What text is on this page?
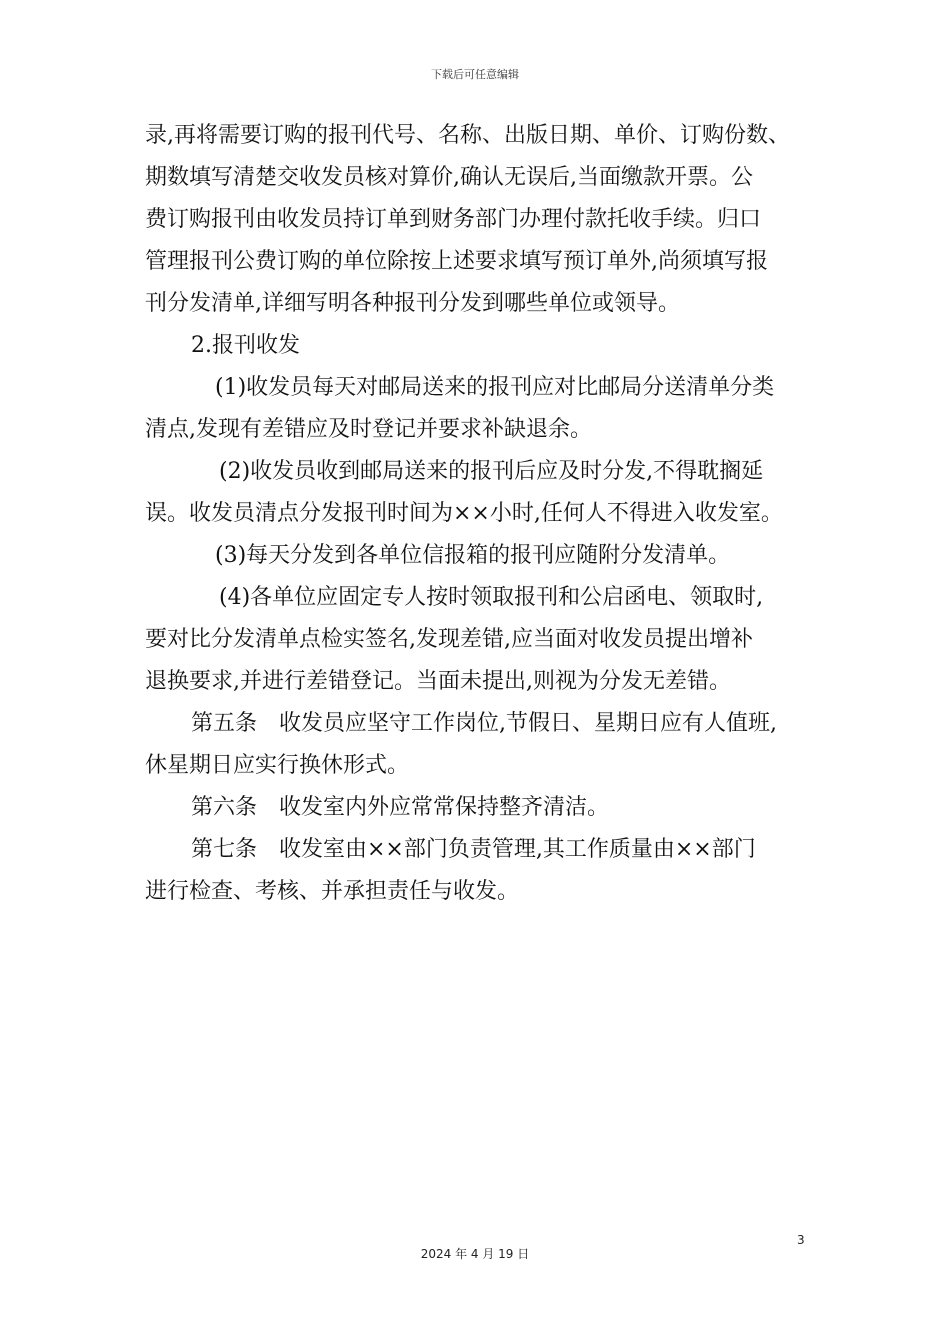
下载后可任意编辑
录,再将需要订购的报刊代号、名称、出版日期、单价、订购份数、
期数填写清楚交收发员核对算价,确认无误后,当面缴款开票。公
费订购报刊由收发员持订单到财务部门办理付款托收手续。归口
管理报刊公费订购的单位除按上述要求填写预订单外,尚须填写报
刊分发清单,详细写明各种报刊分发到哪些单位或领导。
2.报刊收发
(1)收发员每天对邮局送来的报刊应对比邮局分送清单分类
清点,发现有差错应及时登记并要求补缺退余。
(2)收发员收到邮局送来的报刊后应及时分发,不得耽搁延
误。收发员清点分发报刊时间为××小时,任何人不得进入收发室。
(3)每天分发到各单位信报箱的报刊应随附分发清单。
(4)各单位应固定专人按时领取报刊和公启函电、领取时,
要对比分发清单点检实签名,发现差错,应当面对收发员提出增补
退换要求,并进行差错登记。当面未提出,则视为分发无差错。
第五条　收发员应坚守工作岗位,节假日、星期日应有人值班,
休星期日应实行换休形式。
第六条　收发室内外应常常保持整齐清洁。
第七条　收发室由××部门负责管理,其工作质量由××部门
进行检查、考核、并承担责任与收发。
3
2024 年 4 月 19 日
